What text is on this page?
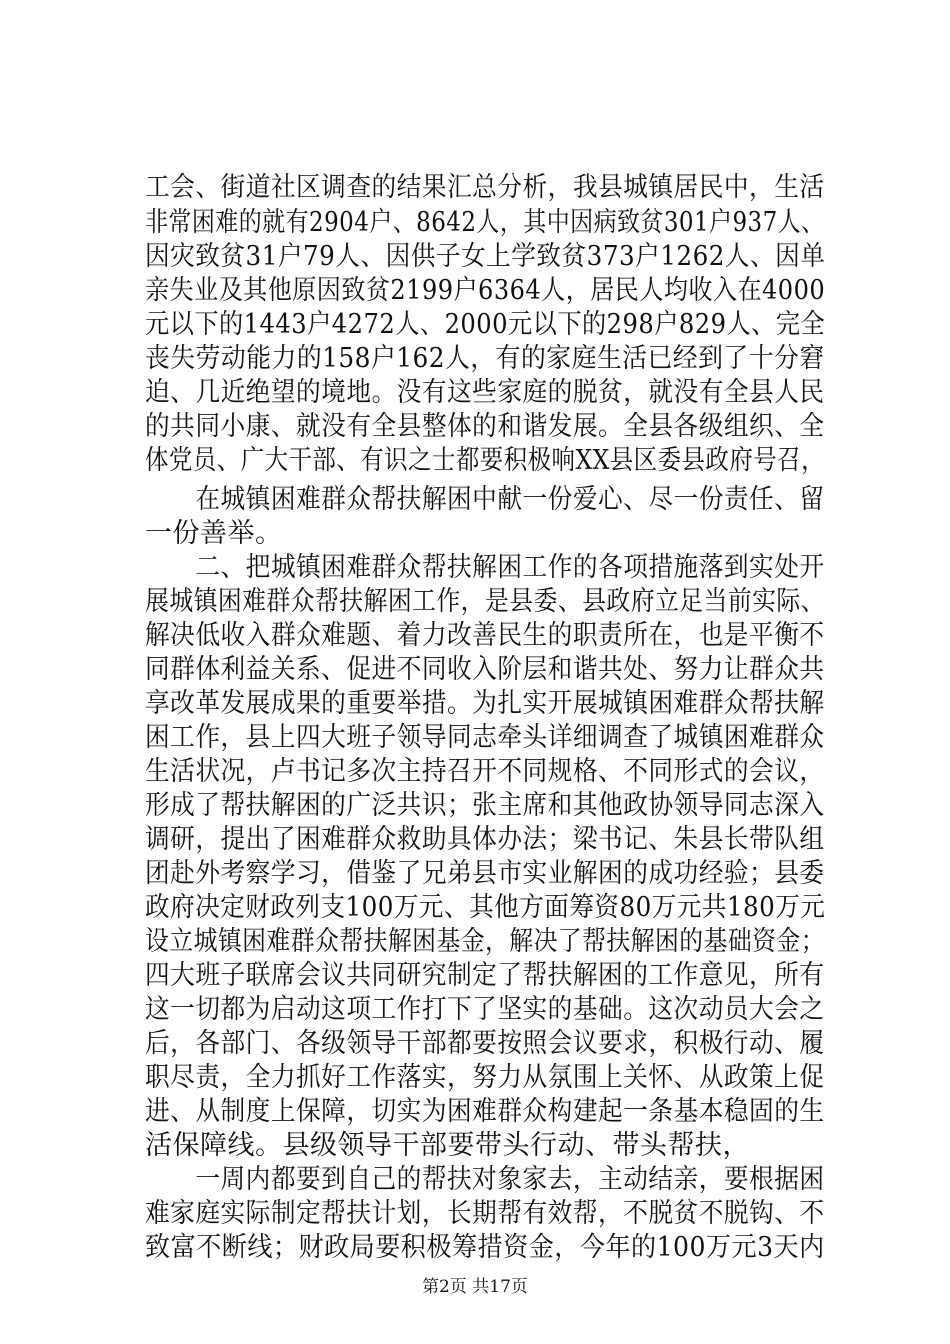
工会、街道社区调查的结果汇总分析，我县城镇居民中，生活
非常困难的就有2904户、8642人，其中因病致贫301户937人、
因灾致贫31户79人、因供子女上学致贫373户1262人、因单
亲失业及其他原因致贫2199户6364人，居民人均收入在4000
元以下的1443户4272人、2000元以下的298户829人、完全
丧失劳动能力的158户162人，有的家庭生活已经到了十分窘
迫、几近绝望的境地。没有这些家庭的脱贫，就没有全县人民
的共同小康、就没有全县整体的和谐发展。全县各级组织、全
体党员、广大干部、有识之士都要积极响XX县区委县政府号召，
　　在城镇困难群众帮扶解困中献一份爱心、尽一份责任、留
一份善举。
　　二、把城镇困难群众帮扶解困工作的各项措施落到实处开
展城镇困难群众帮扶解困工作，是县委、县政府立足当前实际、
解决低收入群众难题、着力改善民生的职责所在，也是平衡不
同群体利益关系、促进不同收入阶层和谐共处、努力让群众共
享改革发展成果的重要举措。为扎实开展城镇困难群众帮扶解
困工作，县上四大班子领导同志牵头详细调查了城镇困难群众
生活状况，卢书记多次主持召开不同规格、不同形式的会议，
形成了帮扶解困的广泛共识；张主席和其他政协领导同志深入
调研，提出了困难群众救助具体办法；梁书记、朱县长带队组
团赴外考察学习，借鉴了兄弟县市实业解困的成功经验；县委
政府决定财政列支100万元、其他方面筹资80万元共180万元
设立城镇困难群众帮扶解困基金，解决了帮扶解困的基础资金；
四大班子联席会议共同研究制定了帮扶解困的工作意见，所有
这一切都为启动这项工作打下了坚实的基础。这次动员大会之
后，各部门、各级领导干部都要按照会议要求，积极行动、履
职尽责，全力抓好工作落实，努力从氛围上关怀、从政策上促
进、从制度上保障，切实为困难群众构建起一条基本稳固的生
活保障线。县级领导干部要带头行动、带头帮扶，
　　一周内都要到自己的帮扶对象家去，主动结亲，要根据困
难家庭实际制定帮扶计划，长期帮有效帮，不脱贫不脱钩、不
致富不断线；财政局要积极筹措资金，今年的100万元3天内
第2页 共17页
